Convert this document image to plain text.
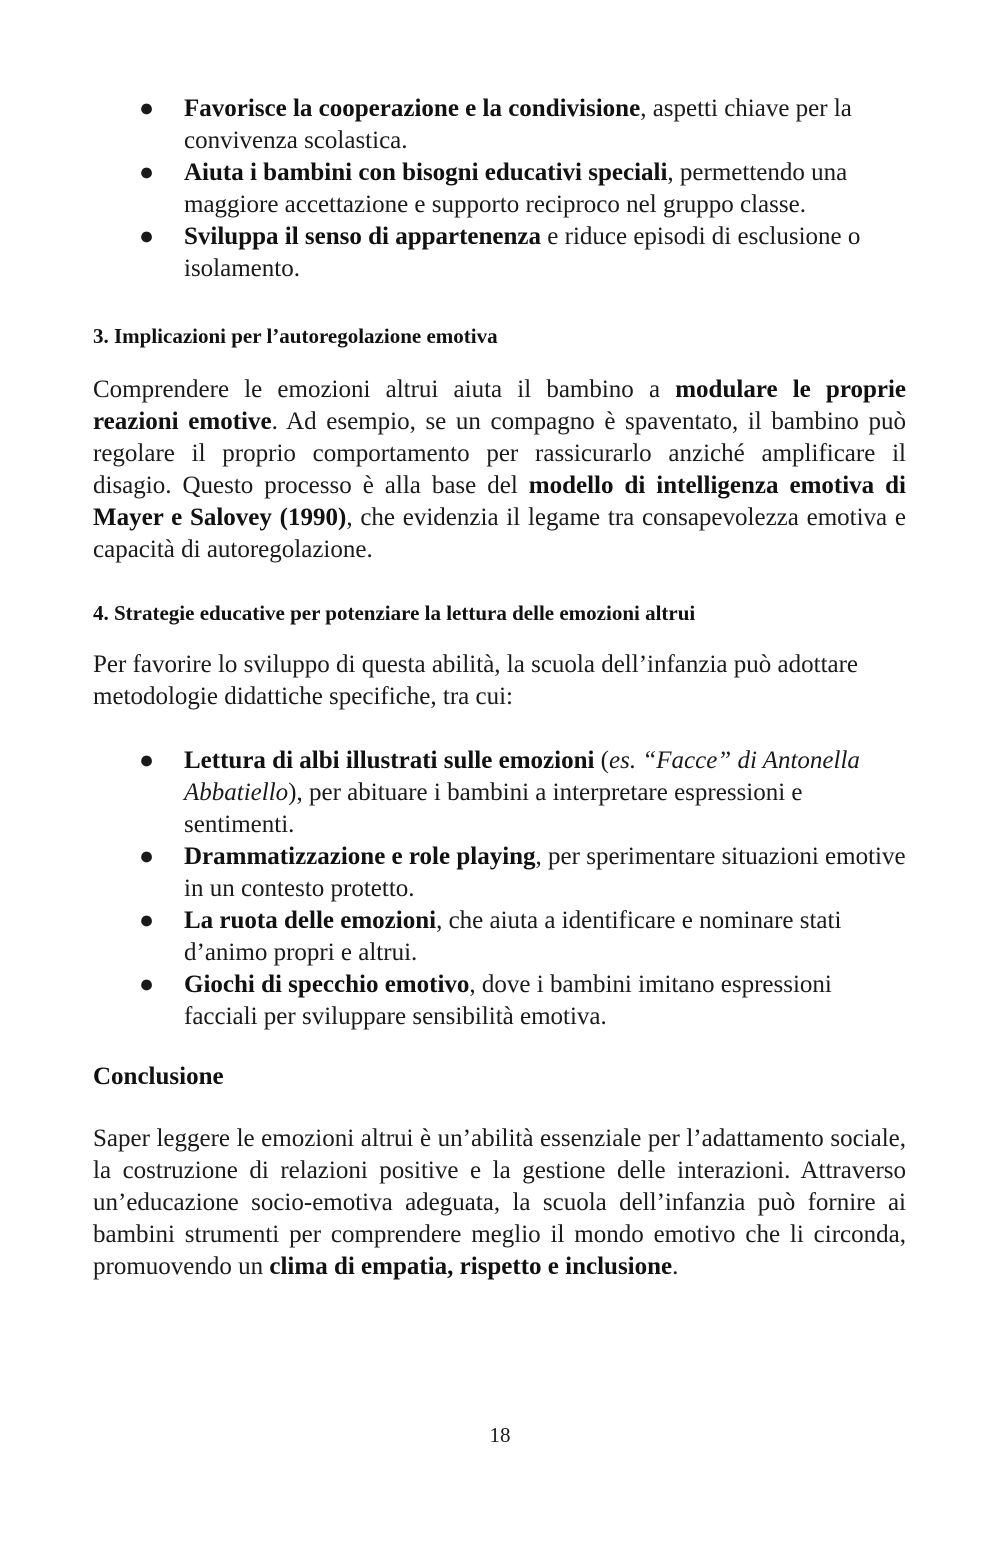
● Favorisce la cooperazione e la condivisione, aspetti chiave per la convivenza scolastica.
● Aiuta i bambini con bisogni educativi speciali, permettendo una maggiore accettazione e supporto reciproco nel gruppo classe.
● Sviluppa il senso di appartenenza e riduce episodi di esclusione o isolamento.
3. Implicazioni per l’autoregolazione emotiva

Comprendere le emozioni altrui aiuta il bambino a modulare le proprie reazioni emotive. Ad esempio, se un compagno è spaventato, il bambino può regolare il proprio comportamento per rassicurarlo anziché amplificare il disagio. Questo processo è alla base del modello di intelligenza emotiva di Mayer e Salovey (1990), che evidenzia il legame tra consapevolezza emotiva e capacità di autoregolazione.

4. Strategie educative per potenziare la lettura delle emozioni altrui

Per favorire lo sviluppo di questa abilità, la scuola dell’infanzia può adottare metodologie didattiche specifiche, tra cui:

● Lettura di albi illustrati sulle emozioni (es. “Facce” di Antonella Abbatiello), per abituare i bambini a interpretare espressioni e sentimenti.
● Drammatizzazione e role playing, per sperimentare situazioni emotive in un contesto protetto.
● La ruota delle emozioni, che aiuta a identificare e nominare stati d’animo propri e altrui.
● Giochi di specchio emotivo, dove i bambini imitano espressioni facciali per sviluppare sensibilità emotiva.
Conclusione

Saper leggere le emozioni altrui è un’abilità essenziale per l’adattamento sociale, la costruzione di relazioni positive e la gestione delle interazioni. Attraverso un’educazione socio-emotiva adeguata, la scuola dell’infanzia può fornire ai bambini strumenti per comprendere meglio il mondo emotivo che li circonda, promuovendo un clima di empatia, rispetto e inclusione.

18
